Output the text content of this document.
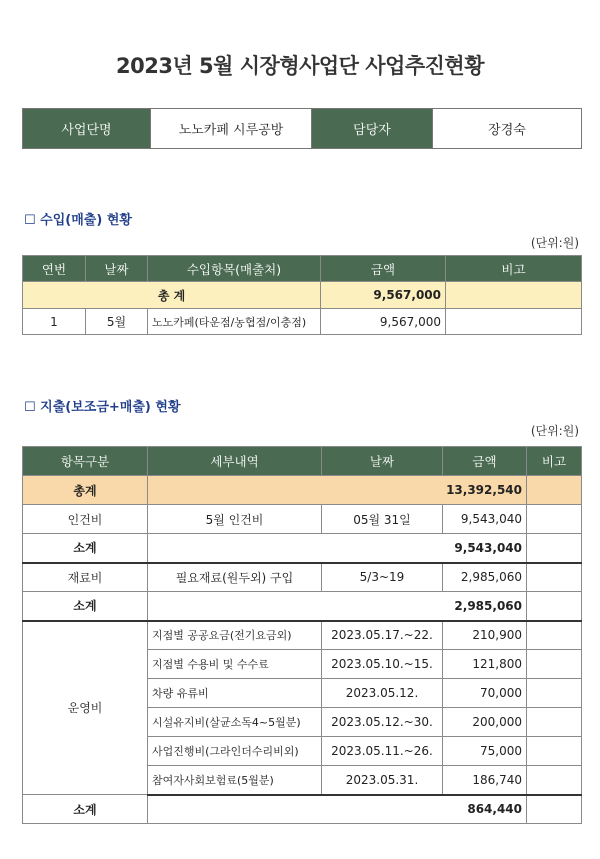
2023년 5월 시장형사업단 사업추진현황
사업단명	노노카페 시루공방	담당자	장경숙
☐ 수입(매출) 현황
(단위:원)
연번	날짜	수입항목(매출처)	금액	비고
총 계			9,567,000	
1	5월	노노카페(타운점/농협점/이충점)	9,567,000	
☐ 지출(보조금+매출) 현황
(단위:원)
항목구분	세부내역	날짜	금액	비고
총계	13,392,540			
인건비	5월 인건비	05월 31일	9,543,040	
소계	9,543,040			
재료비	필요재료(원두외) 구입	5/3~19	2,985,060	
소계	2,985,060			
운영비	지점별 공공요금(전기요금외)	2023.05.17.~22.	210,900	
	지점별 수용비 및 수수료	2023.05.10.~15.	121,800	
	차량 유류비	2023.05.12.	70,000	
	시설유지비(살균소독4~5월분)	2023.05.12.~30.	200,000	
	사업진행비(그라인더수리비외)	2023.05.11.~26.	75,000	
	참여자사회보험료(5월분)	2023.05.31.	186,740	
소계	864,440			
